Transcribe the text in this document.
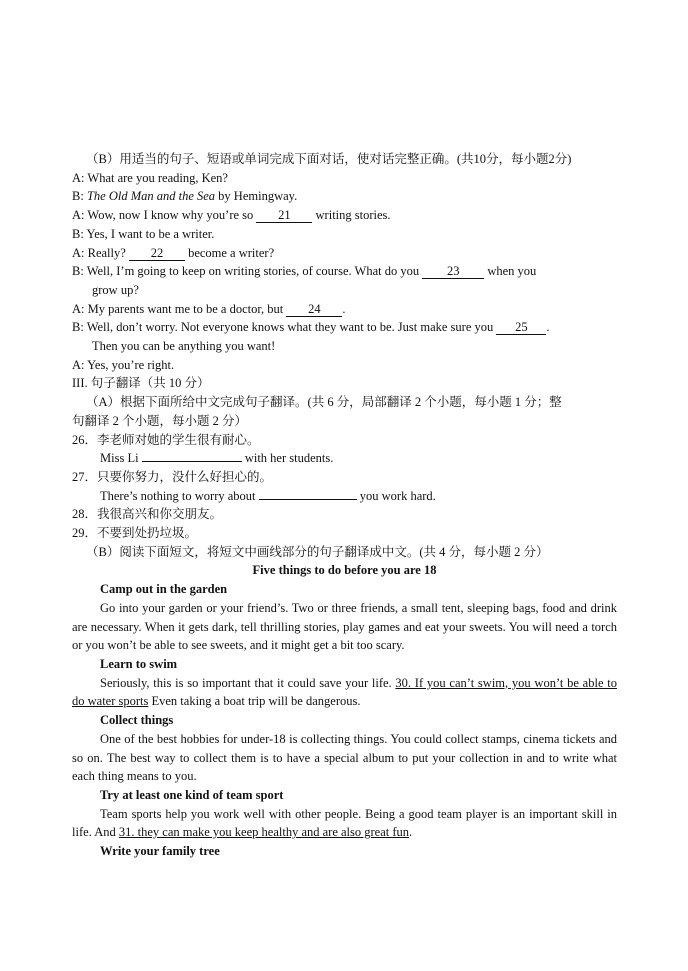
（B）用适当的句子、短语或单词完成下面对话，使对话完整正确。(共10分，每小题2分)
A: What are you reading, Ken?
B: The Old Man and the Sea by Hemingway.
A: Wow, now I know why you’re so 21 writing stories.
B: Yes, I want to be a writer.
A: Really? 22 become a writer?
B: Well, I’m going to keep on writing stories, of course. What do you 23 when you
grow up?
A: My parents want me to be a doctor, but 24 .
B: Well, don’t worry. Not everyone knows what they want to be. Just make sure you 25 .
Then you can be anything you want!
A: Yes, you’re right.
III. 句子翻译（共 10 分）
（A）根据下面所给中文完成句子翻译。(共 6 分，局部翻译 2 个小题，每小题 1 分；整
句翻译 2 个小题，每小题 2 分）
26．李老师对她的学生很有耐心。
Miss Li	with her students.
27．只要你努力，没什么好担心的。
There’s nothing to worry about	you work hard.
28．我很高兴和你交朋友。
29．不要到处扔垃圾。
（B）阅读下面短文，将短文中画线部分的句子翻译成中文。(共 4 分，每小题 2 分）
Five things to do before you are 18
Camp out in the garden
Go into your garden or your friend’s. Two or three friends, a small tent, sleeping bags, food and drink are necessary. When it gets dark, tell thrilling stories, play games and eat your sweets. You will need a torch or you won’t be able to see sweets, and it might get a bit too scary.
Learn to swim
Seriously, this is so important that it could save your life. 30. If you can’t swim, you won’t be able to do water sports Even taking a boat trip will be dangerous.
Collect things
One of the best hobbies for under-18 is collecting things. You could collect stamps, cinema tickets and so on. The best way to collect them is to have a special album to put your collection in and to write what each thing means to you.
Try at least one kind of team sport
Team sports help you work well with other people. Being a good team player is an important skill in life. And 31. they can make you keep healthy and are also great fun.
Write your family tree
